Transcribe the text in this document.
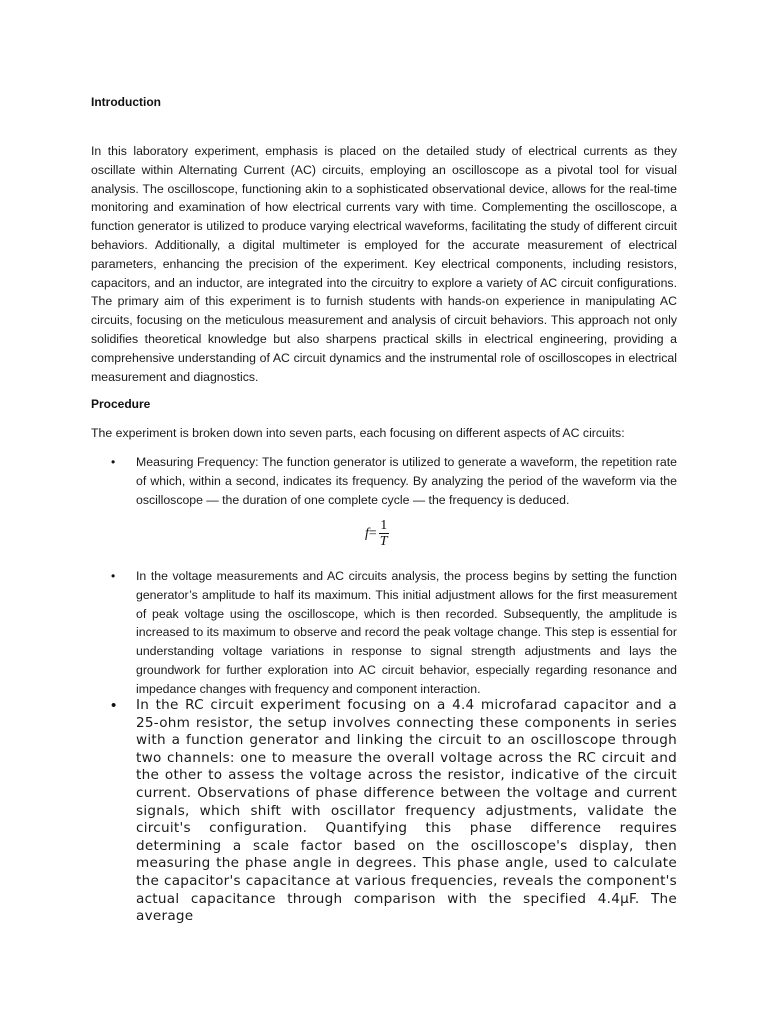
Introduction

In this laboratory experiment, emphasis is placed on the detailed study of electrical currents as they oscillate within Alternating Current (AC) circuits, employing an oscilloscope as a pivotal tool for visual analysis. The oscilloscope, functioning akin to a sophisticated observational device, allows for the real-time monitoring and examination of how electrical currents vary with time. Complementing the oscilloscope, a function generator is utilized to produce varying electrical waveforms, facilitating the study of different circuit behaviors. Additionally, a digital multimeter is employed for the accurate measurement of electrical parameters, enhancing the precision of the experiment. Key electrical components, including resistors, capacitors, and an inductor, are integrated into the circuitry to explore a variety of AC circuit configurations. The primary aim of this experiment is to furnish students with hands-on experience in manipulating AC circuits, focusing on the meticulous measurement and analysis of circuit behaviors. This approach not only solidifies theoretical knowledge but also sharpens practical skills in electrical engineering, providing a comprehensive understanding of AC circuit dynamics and the instrumental role of oscilloscopes in electrical measurement and diagnostics.

Procedure

The experiment is broken down into seven parts, each focusing on different aspects of AC circuits:

• Measuring Frequency: The function generator is utilized to generate a waveform, the repetition rate of which, within a second, indicates its frequency. By analyzing the period of the waveform via the oscilloscope — the duration of one complete cycle — the frequency is deduced.

$f = \frac{1}{T}$
• In the voltage measurements and AC circuits analysis, the process begins by setting the function generator’s amplitude to half its maximum. This initial adjustment allows for the first measurement of peak voltage using the oscilloscope, which is then recorded. Subsequently, the amplitude is increased to its maximum to observe and record the peak voltage change. This step is essential for understanding voltage variations in response to signal strength adjustments and lays the groundwork for further exploration into AC circuit behavior, especially regarding resonance and impedance changes with frequency and component interaction.

• In the RC circuit experiment focusing on a 4.4 microfarad capacitor and a 25-ohm resistor, the setup involves connecting these components in series with a function generator and linking the circuit to an oscilloscope through two channels: one to measure the overall voltage across the RC circuit and the other to assess the voltage across the resistor, indicative of the circuit current. Observations of phase difference between the voltage and current signals, which shift with oscillator frequency adjustments, validate the circuit's configuration. Quantifying this phase difference requires determining a scale factor based on the oscilloscope's display, then measuring the phase angle in degrees. This phase angle, used to calculate the capacitor's capacitance at various frequencies, reveals the component's actual capacitance through comparison with the specified 4.4μF. The average
